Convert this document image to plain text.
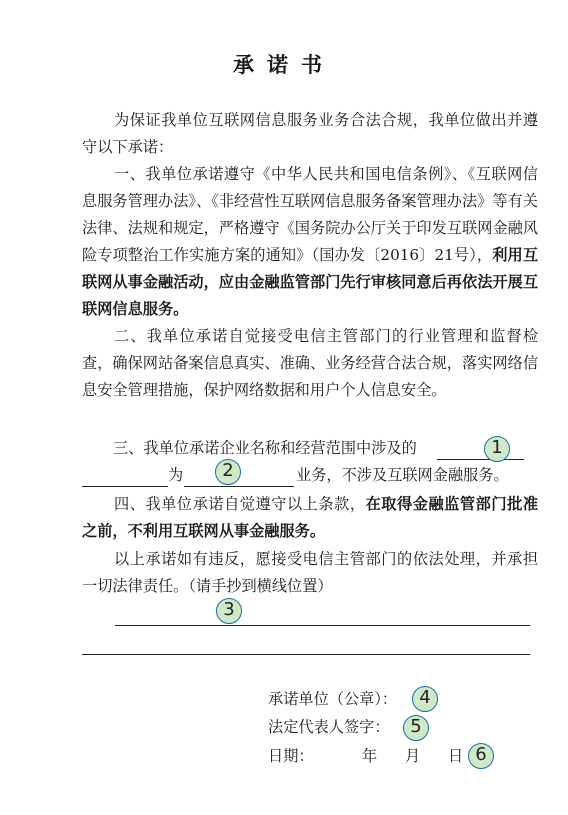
承诺书
为保证我单位互联网信息服务业务合法合规，我单位做出并遵守以下承诺：
一、我单位承诺遵守《中华人民共和国电信条例》、《互联网信息服务管理办法》、《非经营性互联网信息服务备案管理办法》等有关法律、法规和规定，严格遵守《国务院办公厅关于印发互联网金融风险专项整治工作实施方案的通知》（国办发〔2016〕21号），利用互联网从事金融活动，应由金融监管部门先行审核同意后再依法开展互联网信息服务。
二、我单位承诺自觉接受电信主管部门的行业管理和监督检查，确保网站备案信息真实、准确、业务经营合法合规，落实网络信息安全管理措施，保护网络数据和用户个人信息安全。
三、我单位承诺企业名称和经营范围中涉及的
为	业务，不涉及互联网金融服务。
四、我单位承诺自觉遵守以上条款，在取得金融监管部门批准之前，不利用互联网从事金融服务。
以上承诺如有违反，愿接受电信主管部门的依法处理，并承担一切法律责任。（请手抄到横线位置）
承诺单位（公章）：
法定代表人签字：
日期：	年 月 日
1
2
3
4
5
6
